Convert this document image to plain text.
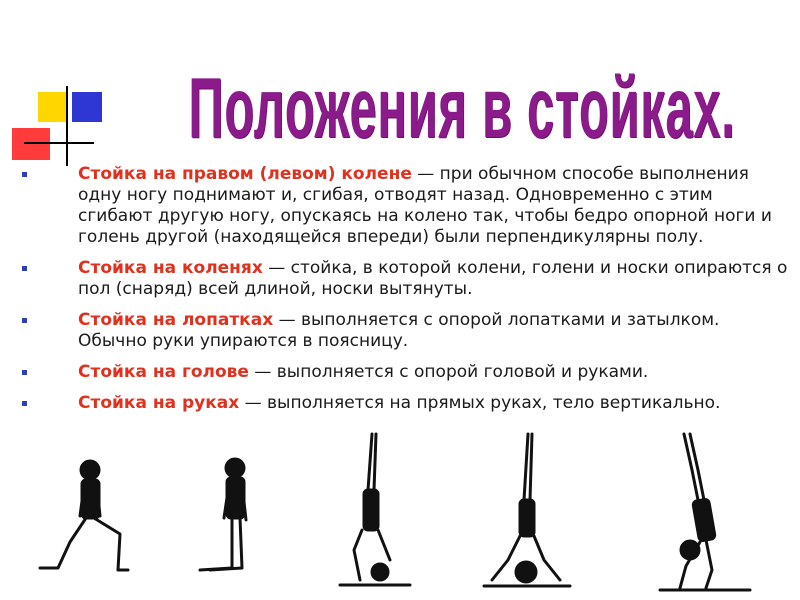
Положения в стойках.
Стойка на правом (левом) колене — при обычном способе выполнения одну ногу поднимают и, сгибая, отводят назад. Одновременно с этим сгибают другую ногу, опускаясь на колено так, чтобы бедро опорной ноги и голень другой (находящейся впереди) были перпендикулярны полу.
Стойка на коленях — стойка, в которой колени, голени и носки опираются о пол (снаряд) всей длиной, носки вытянуты.
Стойка на лопатках — выполняется с опорой лопатками и затылком. Обычно руки упираются в поясницу.
Стойка на голове — выполняется с опорой головой и руками.
Стойка на руках — выполняется на прямых руках, тело вертикально.
